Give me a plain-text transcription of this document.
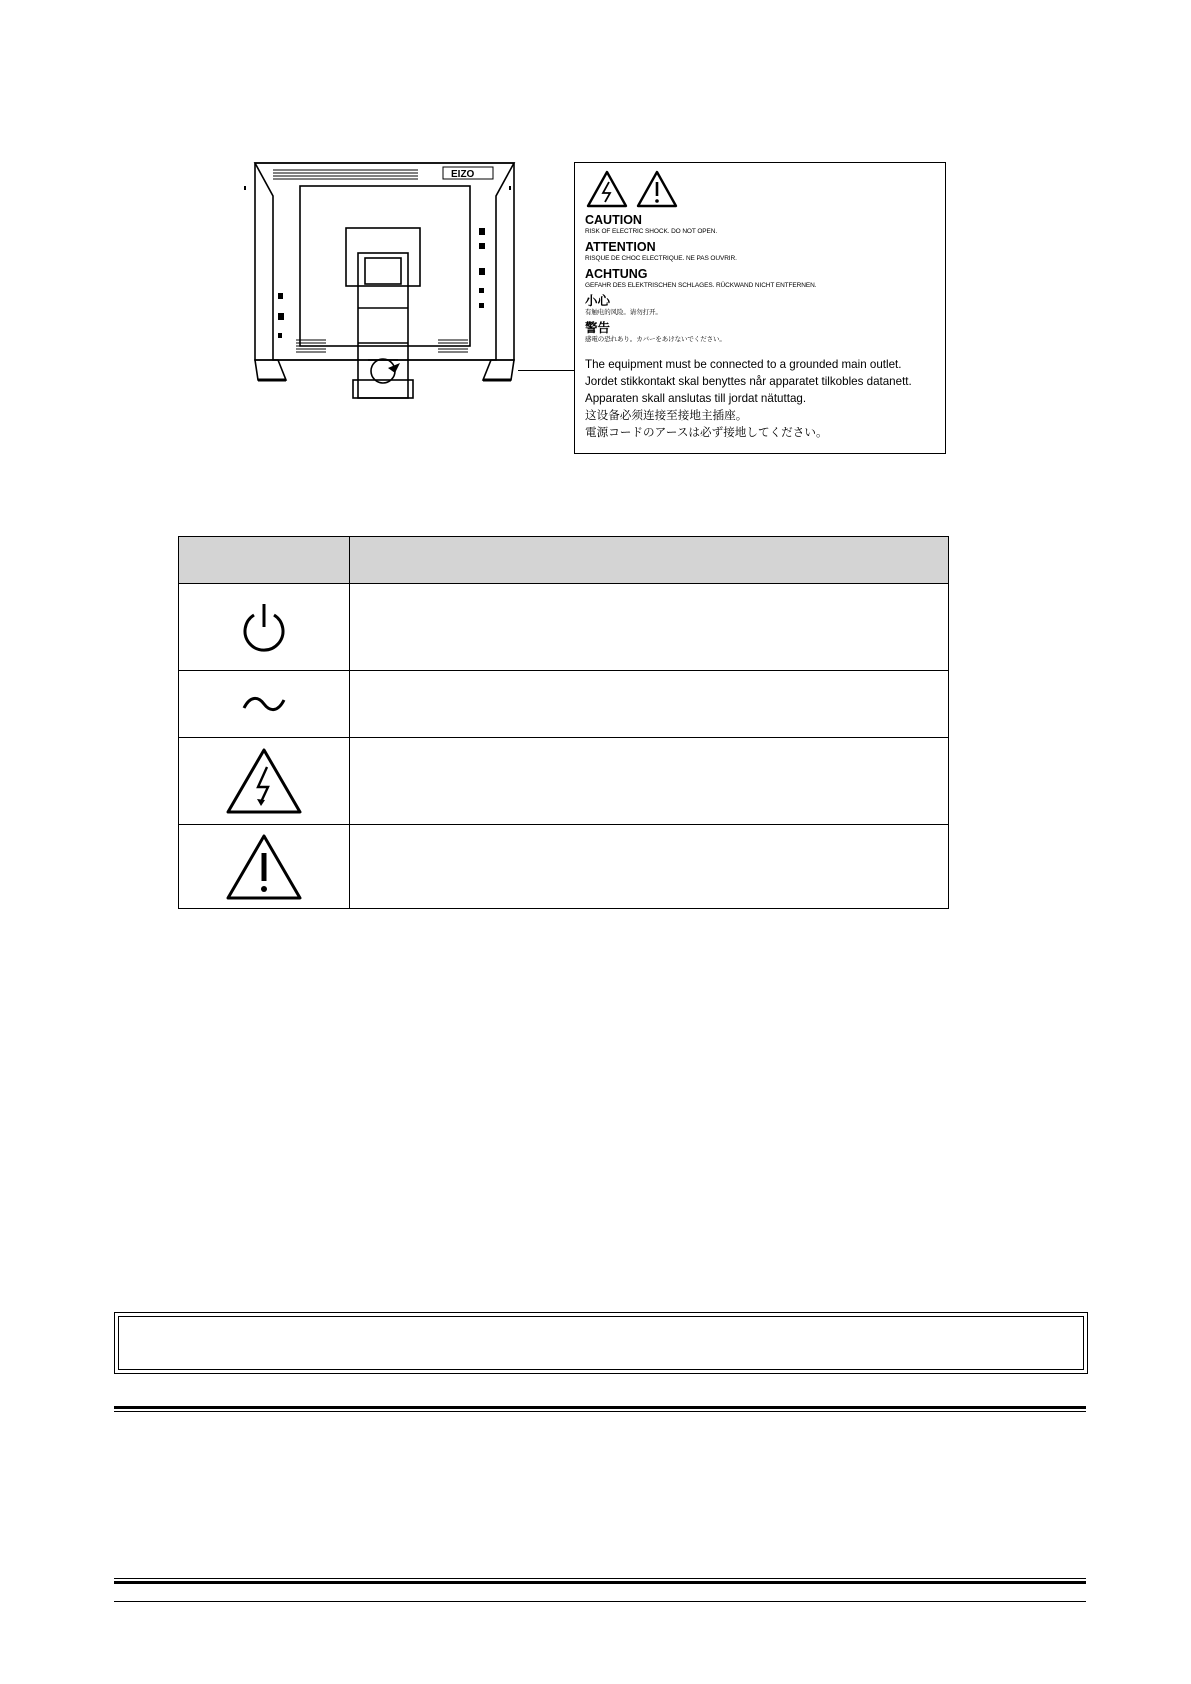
EIZO
CAUTION
RISK OF ELECTRIC SHOCK. DO NOT OPEN.
ATTENTION
RISQUE DE CHOC ELECTRIQUE. NE PAS OUVRIR.
ACHTUNG
GEFAHR DES ELEKTRISCHEN SCHLAGES. RÜCKWAND NICHT ENTFERNEN.
小心
有触电的风险。请勿打开。
警告
感電の恐れあり。カバーをあけないでください。
The equipment must be connected to a grounded main outlet.
Jordet stikkontakt skal benyttes når apparatet tilkobles datanett.
Apparaten skall anslutas till jordat nätuttag.
这设备必须连接至接地主插座。
電源コードのアースは必ず接地してください。
